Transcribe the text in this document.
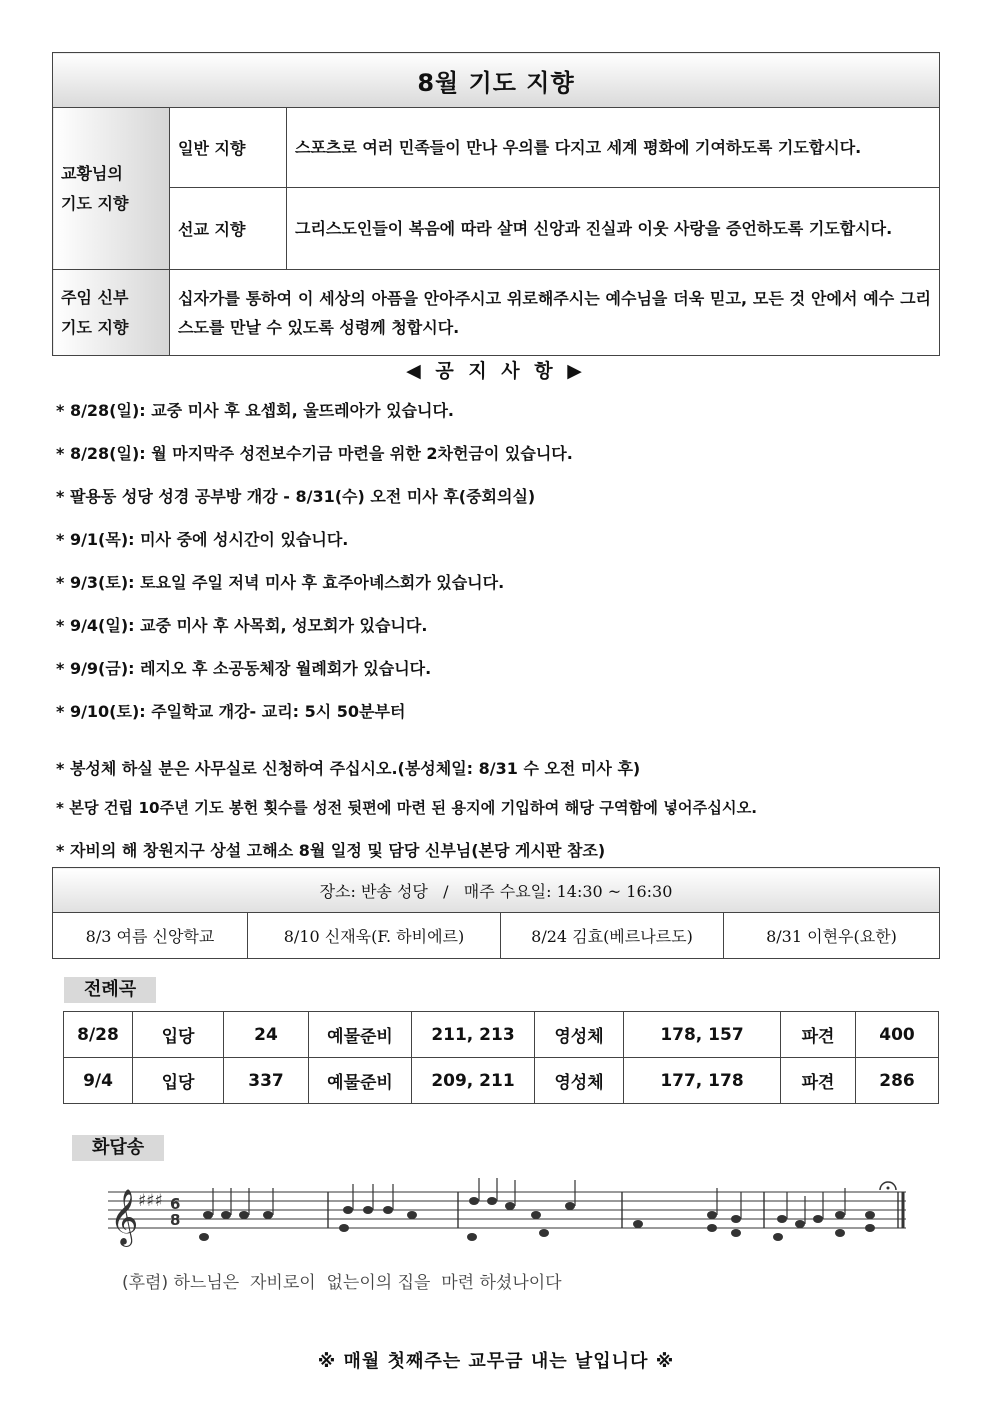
8월 기도 지향		

교황님의
기도 지향	일반 지향	스포츠로 여러 민족들이 만나 우의를 다지고 세계 평화에 기여하도록 기도합시다.
	선교 지향	그리스도인들이 복음에 따라 살며 신앙과 진실과 이웃 사랑을 증언하도록 기도합시다.

주임 신부
기도 지향	십자가를 통하여 이 세상의 아픔을 안아주시고 위로해주시는 예수님을 더욱 믿고, 모든 것 안에서 예수 그리스도를 만날 수 있도록 성령께 청합시다.	
◀ 공 지 사 항 ▶
* 8/28(일): 교중 미사 후 요셉회, 울뜨레아가 있습니다.
* 8/28(일): 월 마지막주 성전보수기금 마련을 위한 2차헌금이 있습니다.
* 팔용동 성당 성경 공부방 개강 - 8/31(수) 오전 미사 후(중회의실)
* 9/1(목): 미사 중에 성시간이 있습니다.
* 9/3(토): 토요일 주일 저녁 미사 후 효주아녜스회가 있습니다.
* 9/4(일): 교중 미사 후 사목회, 성모회가 있습니다.
* 9/9(금): 레지오 후 소공동체장 월례회가 있습니다.
* 9/10(토): 주일학교 개강- 교리: 5시 50분부터
* 봉성체 하실 분은 사무실로 신청하여 주십시오.(봉성체일: 8/31 수 오전 미사 후)
* 본당 건립 10주년 기도 봉헌 횟수를 성전 뒷편에 마련 된 용지에 기입하여 해당 구역함에 넣어주십시오.
* 자비의 해 창원지구 상설 고해소 8월 일정 및 담당 신부님(본당 게시판 참조)
장소: 반송 성당   /   매주 수요일: 14:30 ~ 16:30
8/3 여름 신앙학교	8/10 신재욱(F. 하비에르)	8/24 김효(베르나르도)	8/31 이현우(요한)
전례곡
8/28	입당	24	예물준비	211, 213	영성체	178, 157	파견	400
9/4	입당	337	예물준비	209, 211	영성체	177, 178	파견	286
화답송
𝄞 ♯♯♯ 6
8
(후렴) 하느님은  자비로이  없는이의 집을  마련 하셨나이다
※ 매월 첫째주는 교무금 내는 날입니다 ※
